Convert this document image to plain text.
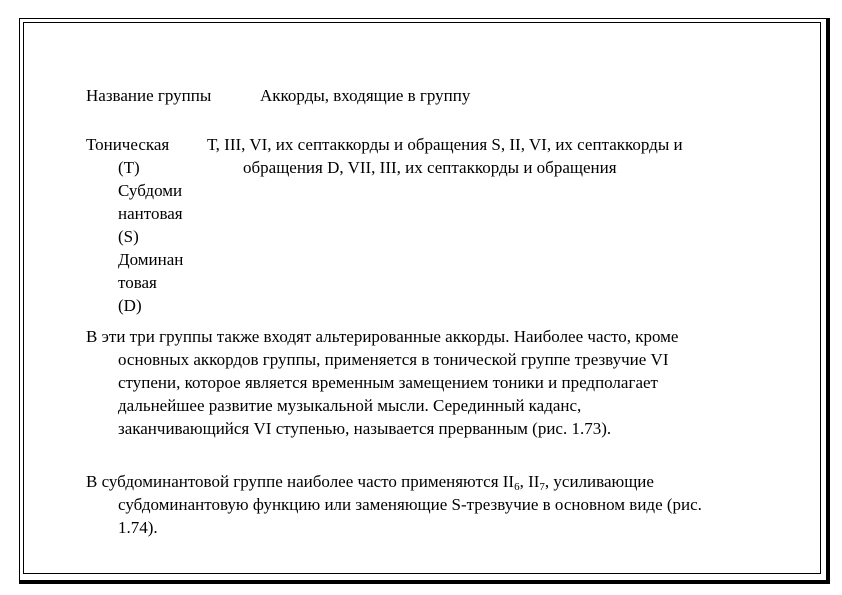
Название группы	Аккорды, входящие в группу
Тоническая
(Т)
Субдоми
нантовая
(S)
Доминан
товая
(D)
Т, III, VI, их септаккорды и обращения S, II, VI, их септаккорды и
обращения D, VII, III, их септаккорды и обращения
В эти три группы также входят альтерированные аккорды. Наиболее часто, кроме
основных аккордов группы, применяется в тонической группе трезвучие VI
ступени, которое является временным замещением тоники и предполагает
дальнейшее развитие музыкальной мысли. Серединный каданс,
заканчивающийся VI ступенью, называется прерванным (рис. 1.73).
В субдоминантовой группе наиболее часто применяются $II_6$, $II_7$, усиливающие
субдоминантовую функцию или заменяющие S-трезвучие в основном виде (рис.
1.74).
